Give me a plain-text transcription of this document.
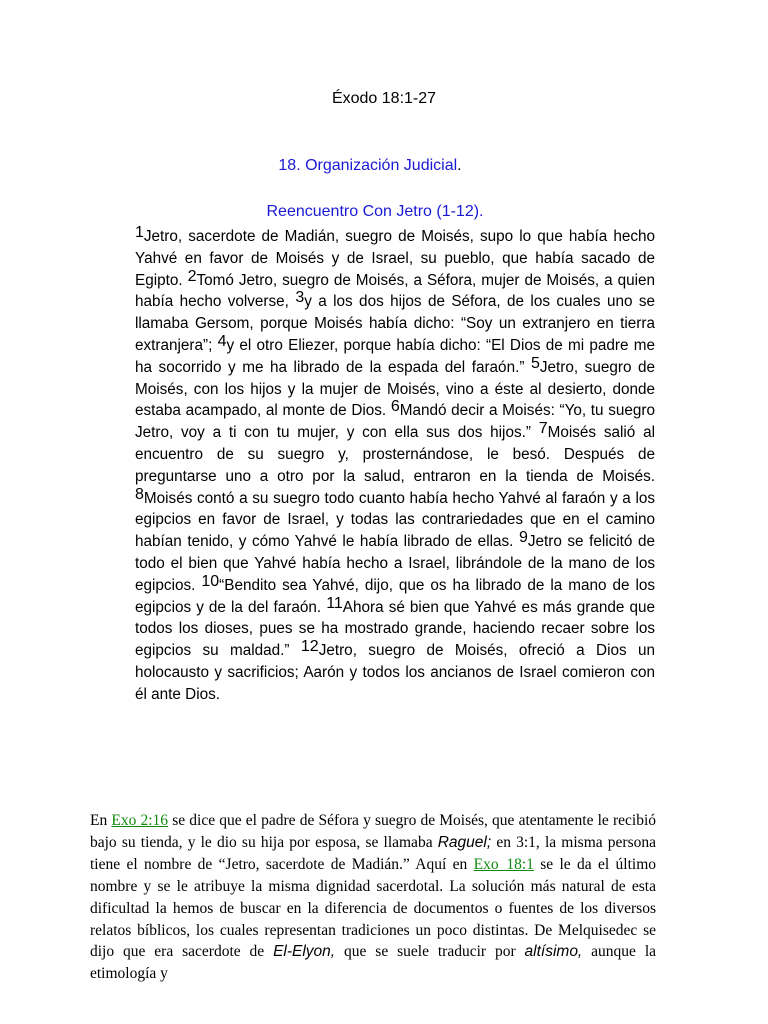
Éxodo 18:1-27
18. Organización Judicial.
Reencuentro Con Jetro (1-12).

$^1$Jetro, sacerdote de Madián, suegro de Moisés, supo lo que había hecho Yahvé en favor de Moisés y de Israel, su pueblo, que había sacado de Egipto. $^2$Tomó Jetro, suegro de Moisés, a Séfora, mujer de Moisés, a quien había hecho volverse, $^3$y a los dos hijos de Séfora, de los cuales uno se llamaba Gersom, porque Moisés había dicho: “Soy un extranjero en tierra extranjera”; $^4$y el otro Eliezer, porque había dicho: “El Dios de mi padre me ha socorrido y me ha librado de la espada del faraón.” $^5$Jetro, suegro de Moisés, con los hijos y la mujer de Moisés, vino a éste al desierto, donde estaba acampado, al monte de Dios. $^6$Mandó decir a Moisés: “Yo, tu suegro Jetro, voy a ti con tu mujer, y con ella sus dos hijos.” $^7$Moisés salió al encuentro de su suegro y, prosternándose, le besó. Después de preguntarse uno a otro por la salud, entraron en la tienda de Moisés. $^8$Moisés contó a su suegro todo cuanto había hecho Yahvé al faraón y a los egipcios en favor de Israel, y todas las contrariedades que en el camino habían tenido, y cómo Yahvé le había librado de ellas. $^9$Jetro se felicitó de todo el bien que Yahvé había hecho a Israel, librándole de la mano de los egipcios. $^{10}$“Bendito sea Yahvé, dijo, que os ha librado de la mano de los egipcios y de la del faraón. $^{11}$Ahora sé bien que Yahvé es más grande que todos los dioses, pues se ha mostrado grande, haciendo recaer sobre los egipcios su maldad.” $^{12}$Jetro, suegro de Moisés, ofreció a Dios un holocausto y sacrificios; Aarón y todos los ancianos de Israel comieron con él ante Dios.

En Exo 2:16 se dice que el padre de Séfora y suegro de Moisés, que atentamente le recibió bajo su tienda, y le dio su hija por esposa, se llamaba Raguel; en 3:1, la misma persona tiene el nombre de “Jetro, sacerdote de Madián.” Aquí en Exo_18:1 se le da el último nombre y se le atribuye la misma dignidad sacerdotal. La solución más natural de esta dificultad la hemos de buscar en la diferencia de documentos o fuentes de los diversos relatos bíblicos, los cuales representan tradiciones un poco distintas. De Melquisedec se dijo que era sacerdote de El-Elyon, que se suele traducir por altísimo, aunque la etimología y
